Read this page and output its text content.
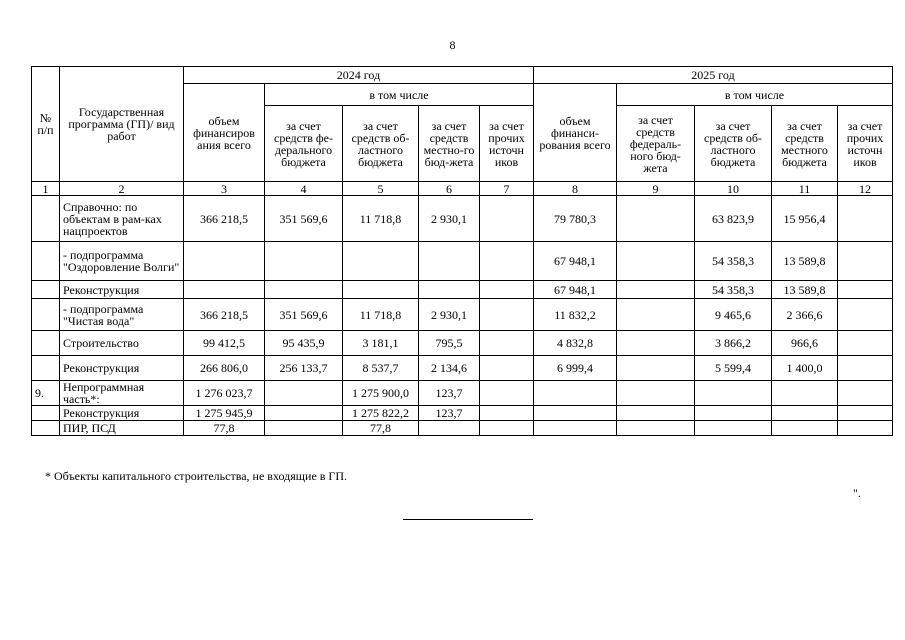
8
№ п/п	Государственная программа (ГП)/ вид работ	2024 год					2025 год				
		объем финансиров ания всего	в том числе				объем финанси-рования всего	в том числе			
			за счет средств фе-дерального бюджета	за счет средств об-ластного бюджета	за счет средств местно-го бюд-жета	за счет прочих источн иков		за счет средств федераль-ного бюд-жета	за счет средств об-ластного бюджета	за счет средств местного бюджета	за счет прочих источн иков
1	2	3	4	5	6	7	8	9	10	11	12
	Справочно: по объектам в рам-ках нацпроектов	366 218,5	351 569,6	11 718,8	2 930,1		79 780,3		63 823,9	15 956,4	
	- подпрограмма "Оздоровление Волги"						67 948,1		54 358,3	13 589,8	
	Реконструкция						67 948,1		54 358,3	13 589,8	
	- подпрограмма "Чистая вода"	366 218,5	351 569,6	11 718,8	2 930,1		11 832,2		9 465,6	2 366,6	
	Строительство	99 412,5	95 435,9	3 181,1	795,5		4 832,8		3 866,2	966,6	
	Реконструкция	266 806,0	256 133,7	8 537,7	2 134,6		6 999,4		5 599,4	1 400,0	
9.	Непрограммная часть*:	1 276 023,7		1 275 900,0	123,7						
	Реконструкция	1 275 945,9		1 275 822,2	123,7						
	ПИР, ПСД	77,8		77,8							
* Объекты капитального строительства, не входящие в ГП.
".
